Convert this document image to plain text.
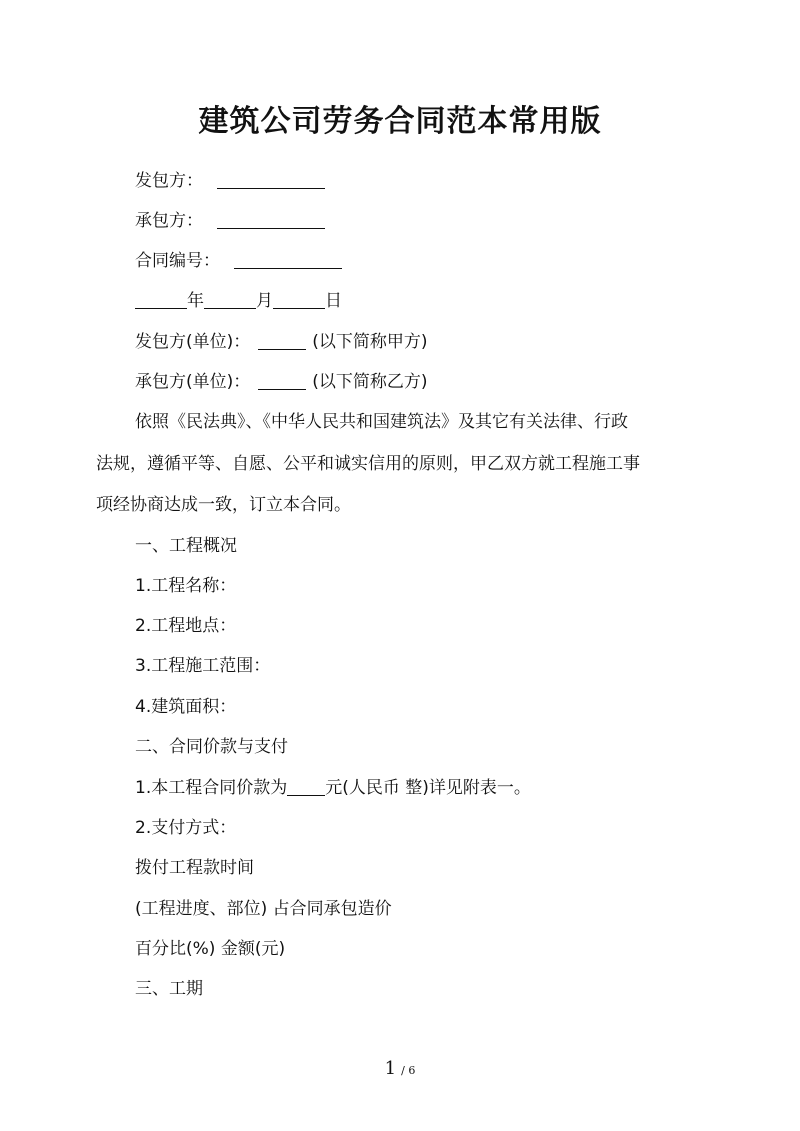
建筑公司劳务合同范本常用版
发包方：
承包方：
合同编号：
年	月	日
发包方(单位)：	(以下简称甲方)
承包方(单位)：	(以下简称乙方)
依照《民法典》、《中华人民共和国建筑法》及其它有关法律、行政
法规，遵循平等、自愿、公平和诚实信用的原则，甲乙双方就工程施工事
项经协商达成一致，订立本合同。
一、工程概况
1.工程名称：
2.工程地点：
3.工程施工范围：
4.建筑面积：
二、合同价款与支付
1.本工程合同价款为 元(人民币 整)详见附表一。
2.支付方式：
拨付工程款时间
(工程进度、部位) 占合同承包造价
百分比(%) 金额(元)
三、工期
1 / 6
